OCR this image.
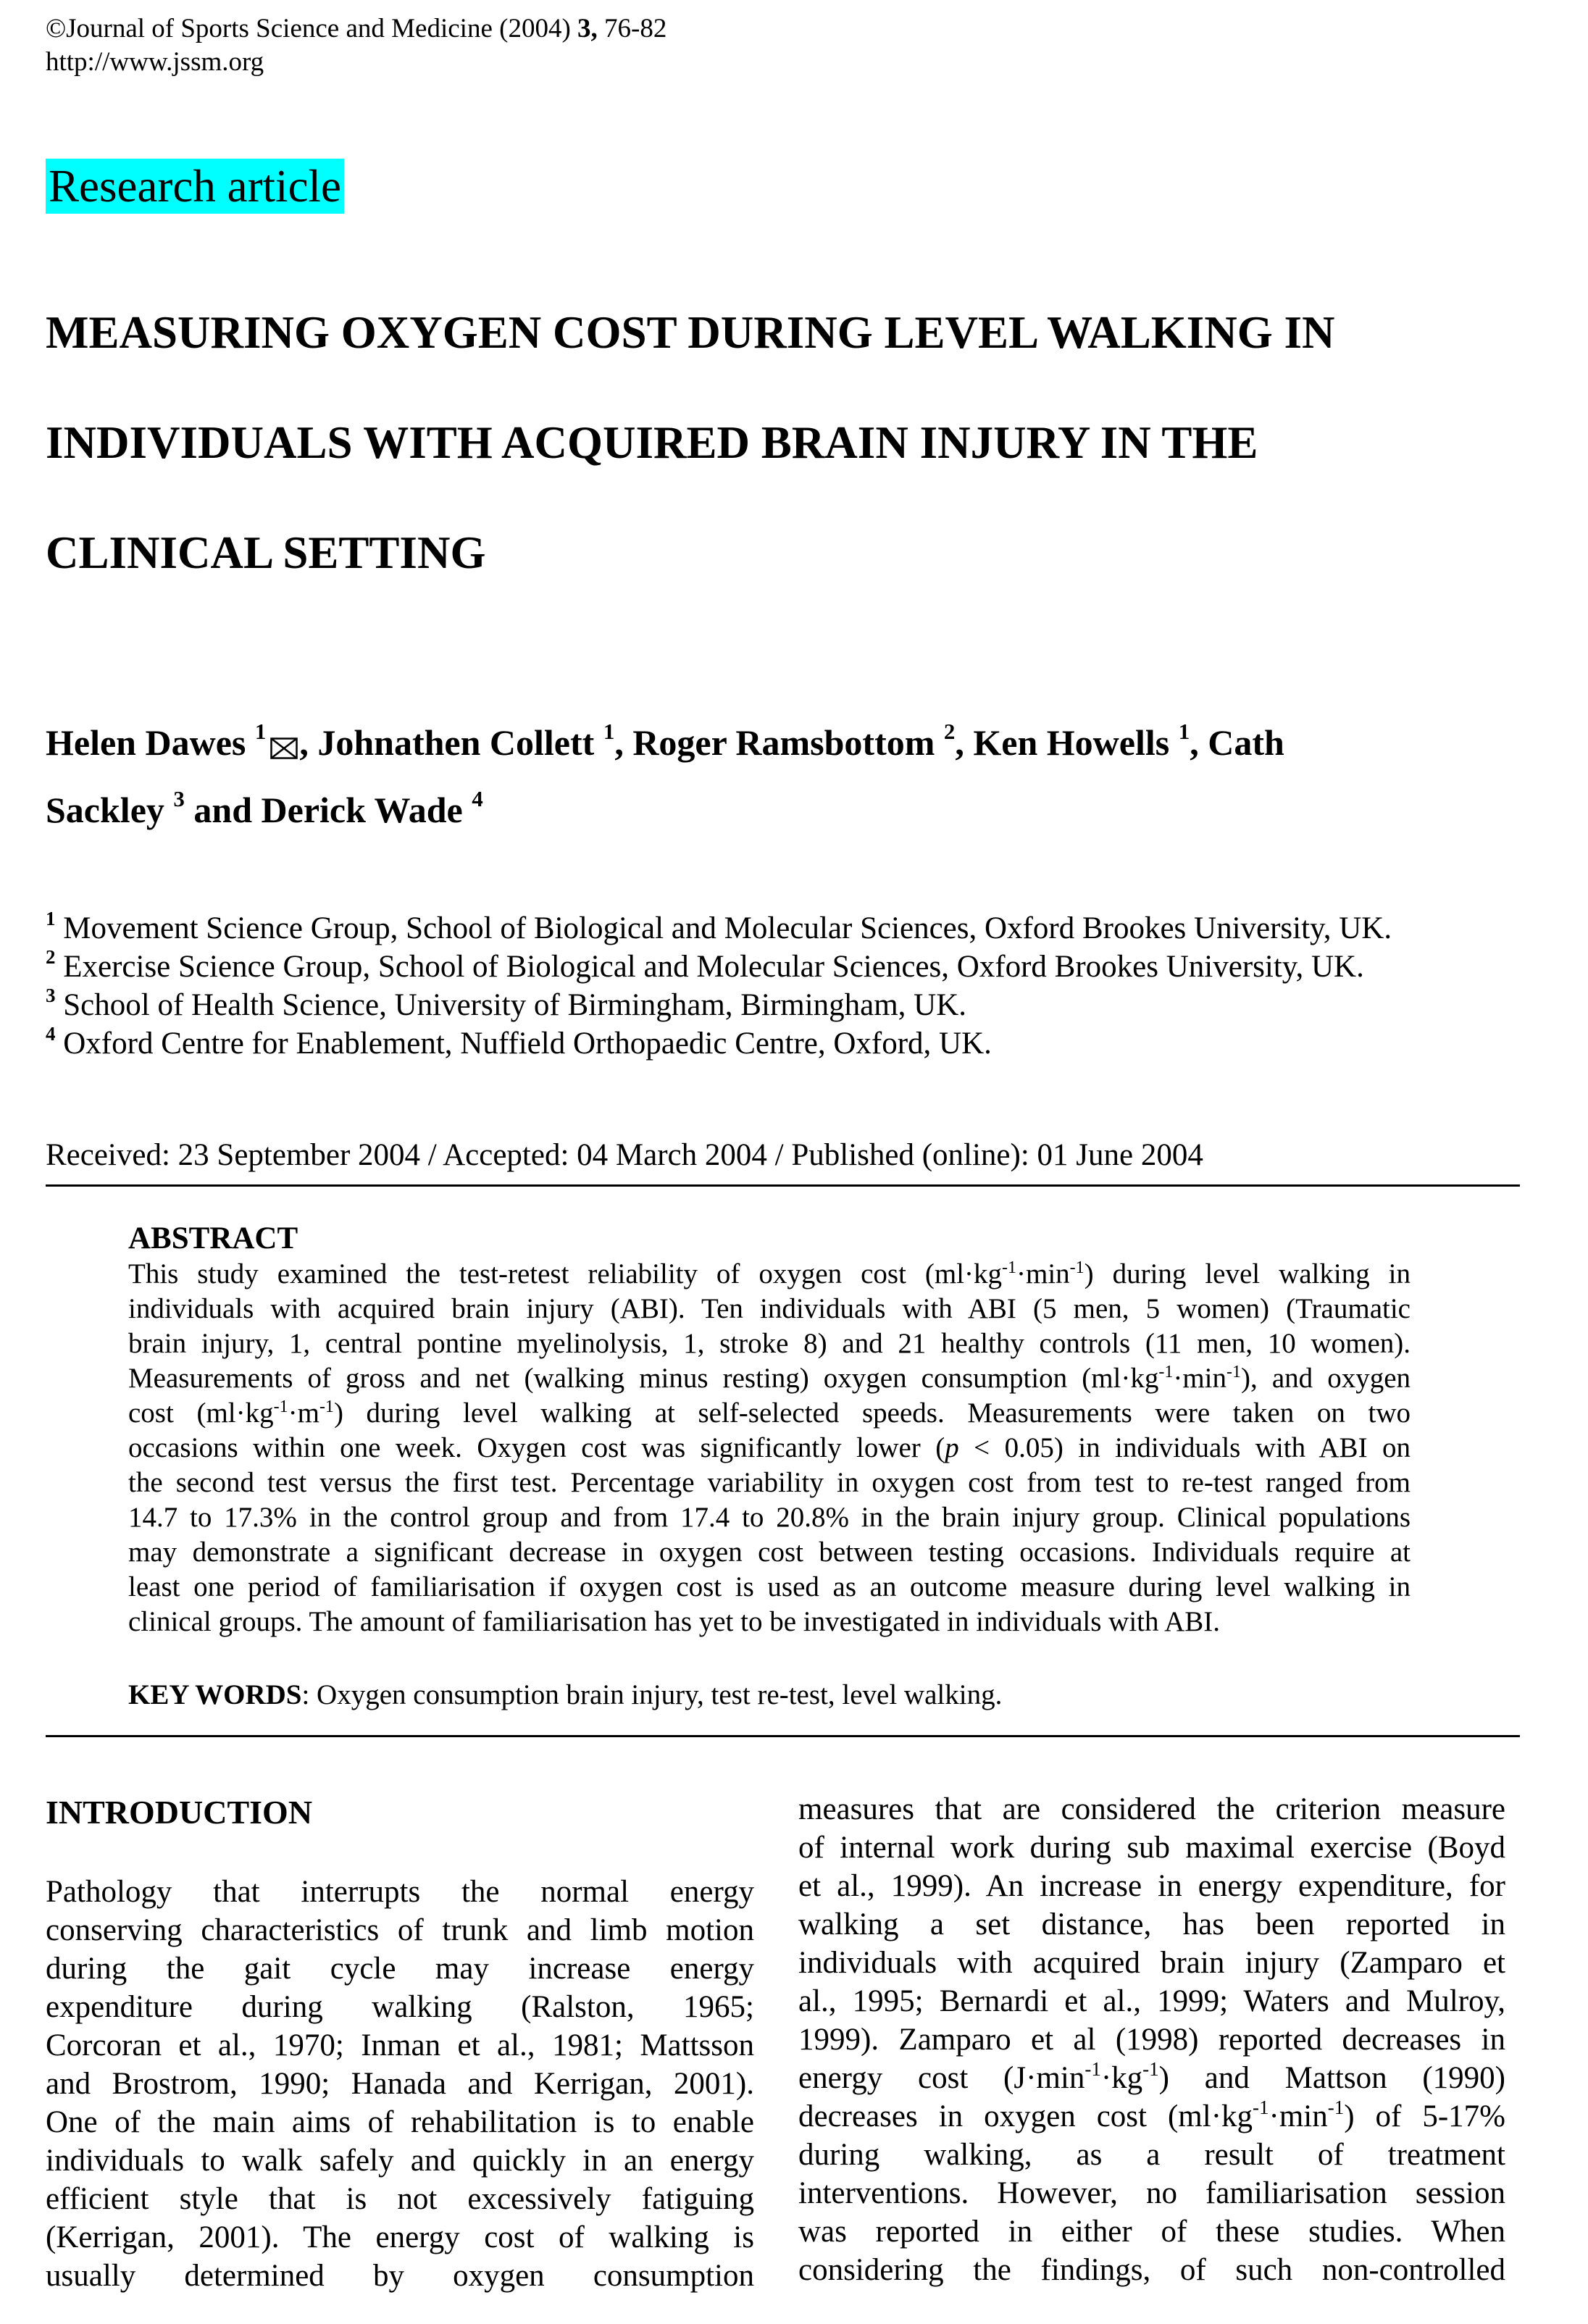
©Journal of Sports Science and Medicine (2004) 3, 76-82
http://www.jssm.org
Research article
MEASURING OXYGEN COST DURING LEVEL WALKING IN
INDIVIDUALS WITH ACQUIRED BRAIN INJURY IN THE
CLINICAL SETTING
Helen Dawes $^1$ , Johnathen Collett $^1$, Roger Ramsbottom $^2$, Ken Howells $^1$, Cath
Sackley $^3$ and Derick Wade $^4$
$^1$ Movement Science Group, School of Biological and Molecular Sciences, Oxford Brookes University, UK.
$^2$ Exercise Science Group, School of Biological and Molecular Sciences, Oxford Brookes University, UK.
$^3$ School of Health Science, University of Birmingham, Birmingham, UK.
$^4$ Oxford Centre for Enablement, Nuffield Orthopaedic Centre, Oxford, UK.
Received: 23 September 2004 / Accepted: 04 March 2004 / Published (online): 01 June 2004
ABSTRACT
This study examined the test-retest reliability of oxygen cost $(ml\cdot kg^{-1}\cdot\min^{-1})$ during level walking in
individuals with acquired brain injury (ABI). Ten individuals with ABI (5 men, 5 women) (Traumatic
brain injury, 1, central pontine myelinolysis, 1, stroke 8) and 21 healthy controls (11 men, 10 women).
Measurements of gross and net (walking minus resting) oxygen consumption $(ml\cdot kg^{-1}\cdot\min^{-1})$, and oxygen
cost $(ml\cdot kg^{-1}\cdot m^{-1})$ during level walking at self-selected speeds. Measurements were taken on two
occasions within one week. Oxygen cost was significantly lower (p < 0.05) in individuals with ABI on
the second test versus the first test. Percentage variability in oxygen cost from test to re-test ranged from
14.7 to 17.3% in the control group and from 17.4 to 20.8% in the brain injury group. Clinical populations
may demonstrate a significant decrease in oxygen cost between testing occasions. Individuals require at
least one period of familiarisation if oxygen cost is used as an outcome measure during level walking in
clinical groups. The amount of familiarisation has yet to be investigated in individuals with ABI.
KEY WORDS: Oxygen consumption brain injury, test re-test, level walking.
INTRODUCTION
Pathology that interrupts the normal energy
conserving characteristics of trunk and limb motion
during the gait cycle may increase energy
expenditure during walking (Ralston, 1965;
Corcoran et al., 1970; Inman et al., 1981; Mattsson
and Brostrom, 1990; Hanada and Kerrigan, 2001).
One of the main aims of rehabilitation is to enable
individuals to walk safely and quickly in an energy
efficient style that is not excessively fatiguing
(Kerrigan, 2001). The energy cost of walking is
usually determined by oxygen consumption
measures that are considered the criterion measure
of internal work during sub maximal exercise (Boyd
et al., 1999). An increase in energy expenditure, for
walking a set distance, has been reported in
individuals with acquired brain injury (Zamparo et
al., 1995; Bernardi et al., 1999; Waters and Mulroy,
1999). Zamparo et al (1998) reported decreases in
energy cost $(J\cdot\min^{-1}\cdot kg^{-1})$ and Mattson (1990)
decreases in oxygen cost $(ml\cdot kg^{-1}\cdot\min^{-1})$ of 5-17%
during walking, as a result of treatment
interventions. However, no familiarisation session
was reported in either of these studies. When
considering the findings, of such non-controlled
